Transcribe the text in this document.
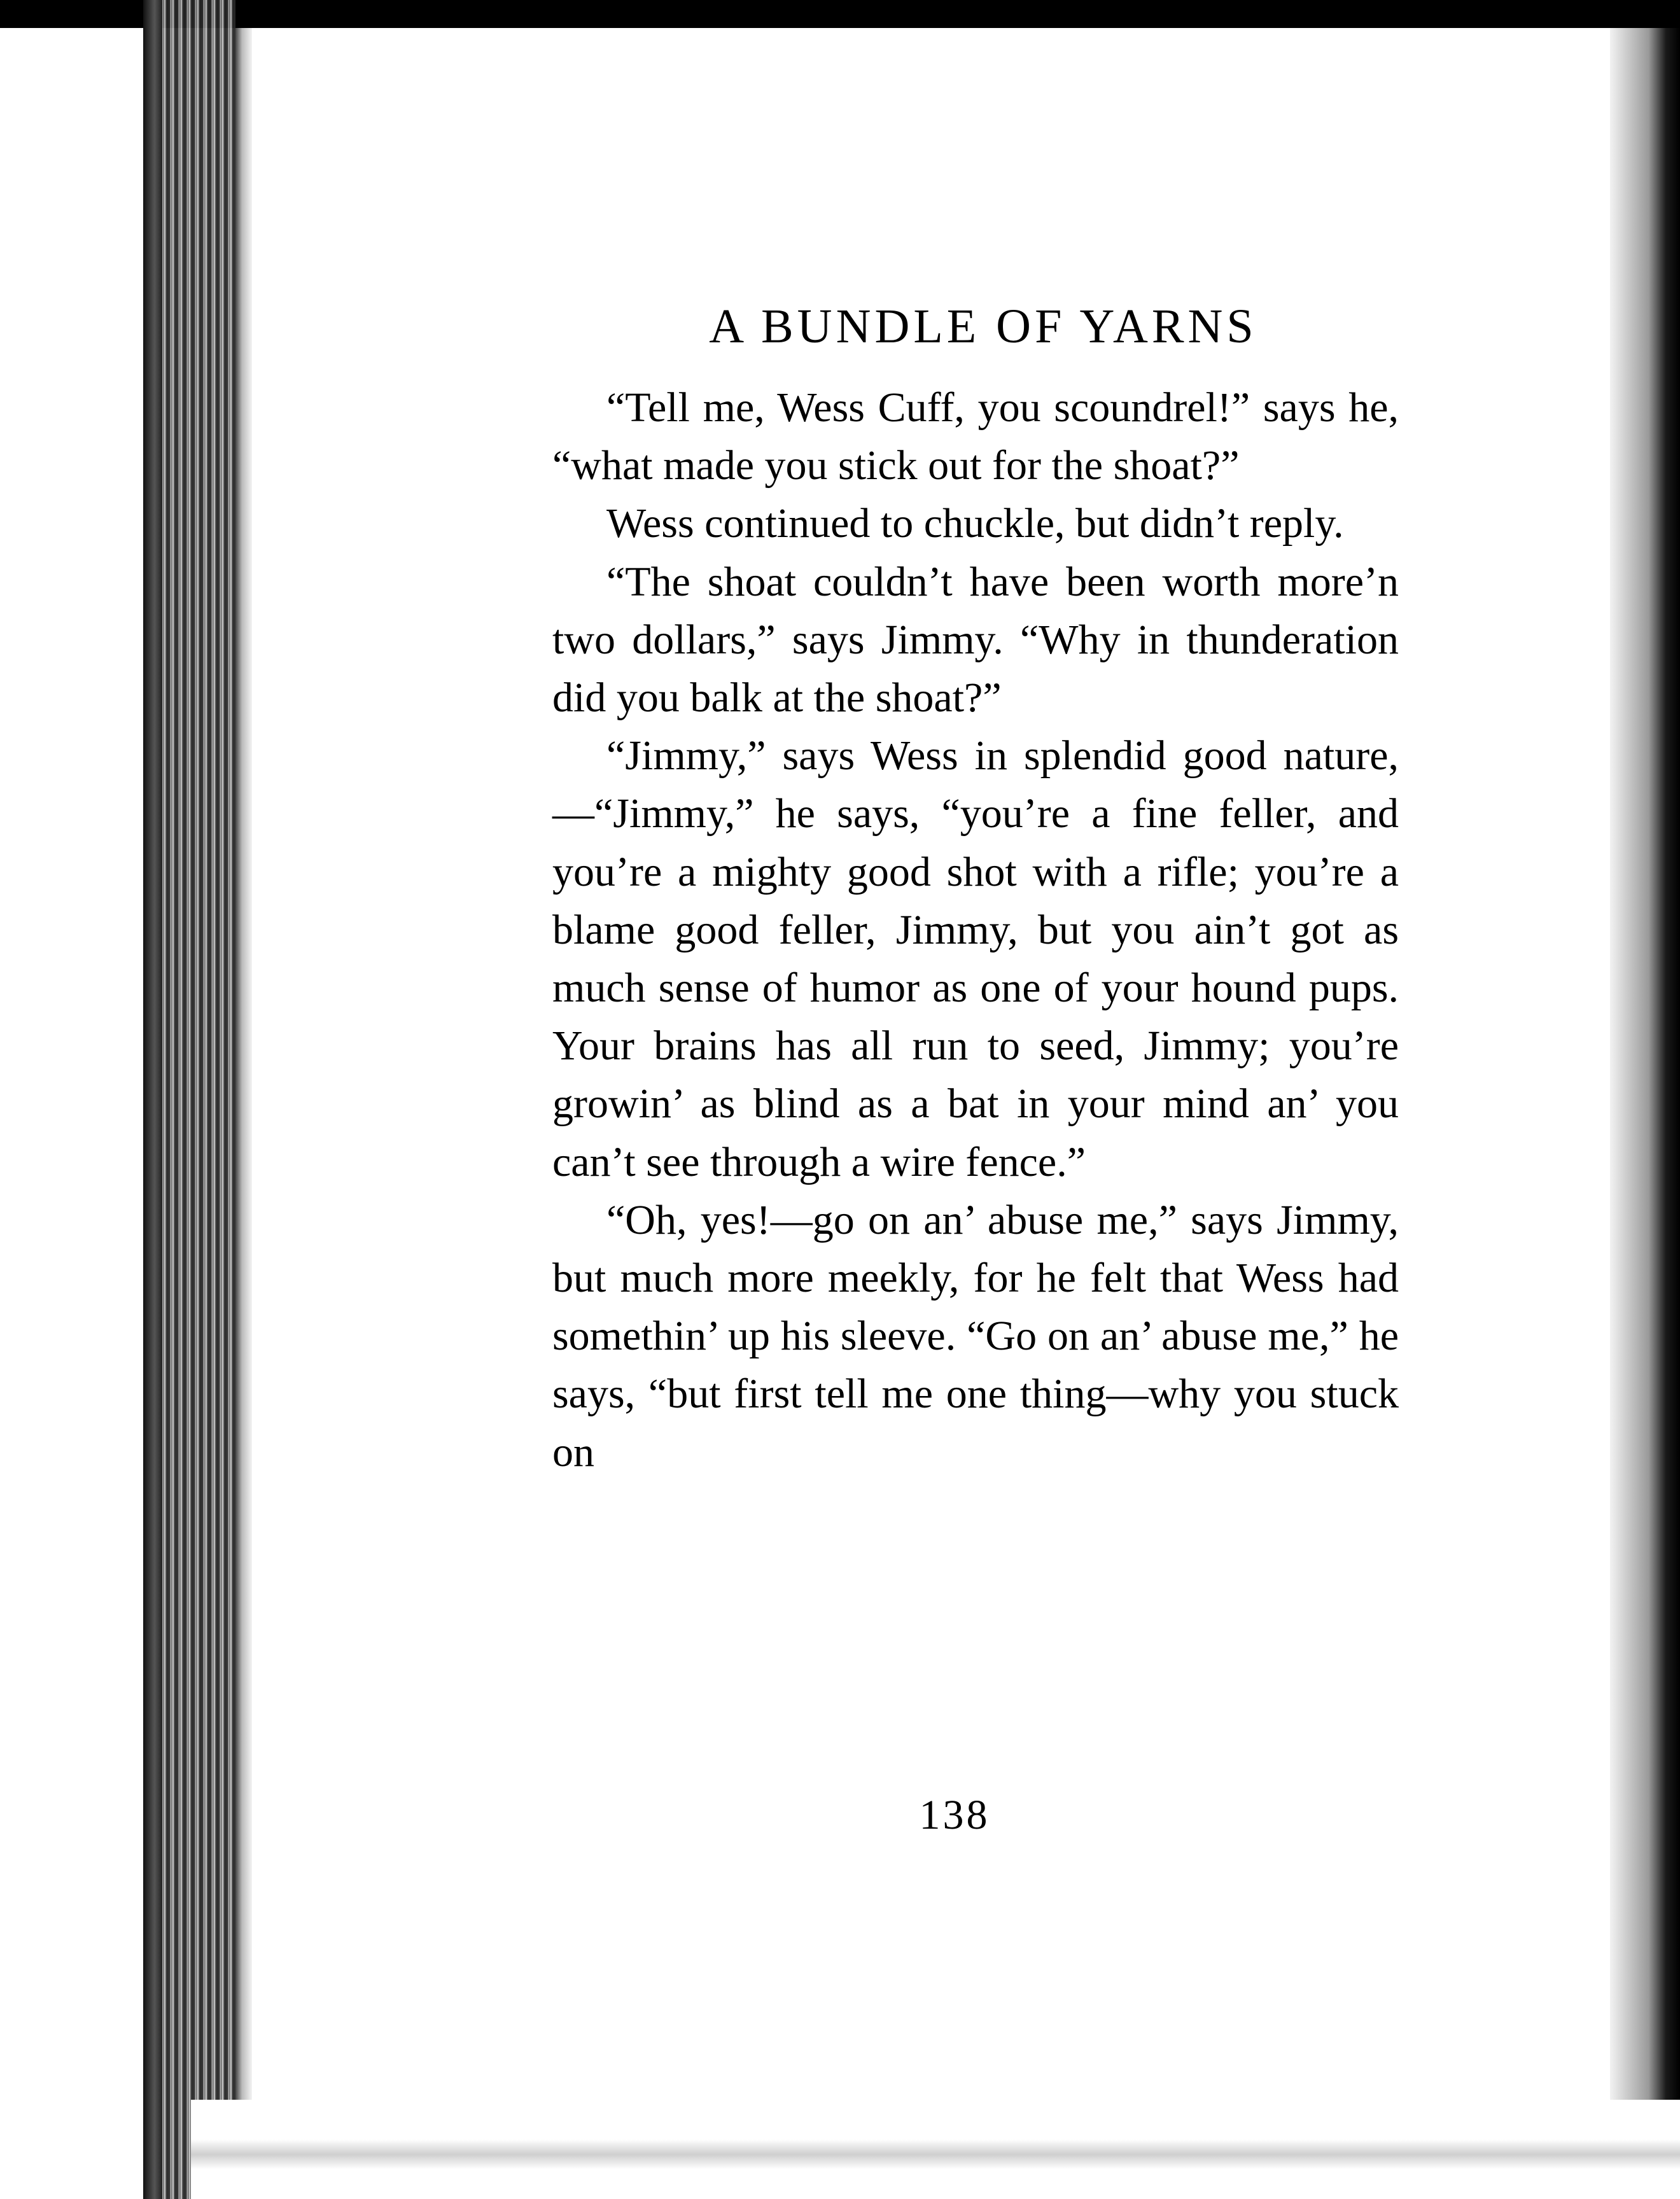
A BUNDLE OF YARNS

“Tell me, Wess Cuff, you scoundrel!” says he, “what made you stick out for the shoat?”

Wess continued to chuckle, but didn’t reply.

“The shoat couldn’t have been worth more’n two dollars,” says Jimmy. “Why in thunderation did you balk at the shoat?”

“Jimmy,” says Wess in splendid good nature,—“Jimmy,” he says, “you’re a fine feller, and you’re a mighty good shot with a rifle; you’re a blame good feller, Jimmy, but you ain’t got as much sense of humor as one of your hound pups. Your brains has all run to seed, Jimmy; you’re growin’ as blind as a bat in your mind an’ you can’t see through a wire fence.”

“Oh, yes!—go on an’ abuse me,” says Jimmy, but much more meekly, for he felt that Wess had somethin’ up his sleeve. “Go on an’ abuse me,” he says, “but first tell me one thing—why you stuck on

138
